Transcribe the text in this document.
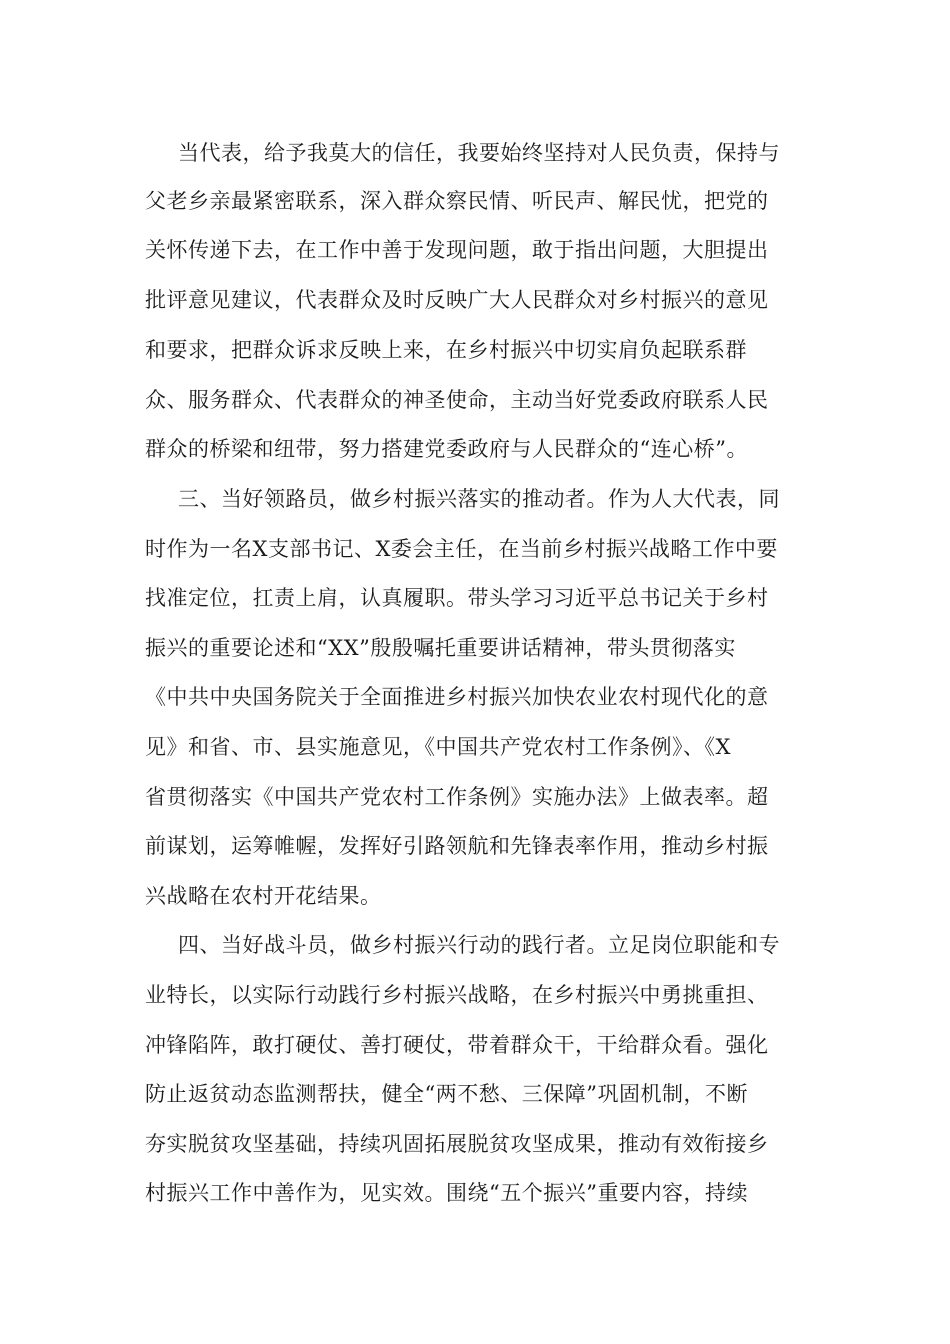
当代表，给予我莫大的信任，我要始终坚持对人民负责，保持与
父老乡亲最紧密联系，深入群众察民情、听民声、解民忧，把党的
关怀传递下去，在工作中善于发现问题，敢于指出问题，大胆提出
批评意见建议，代表群众及时反映广大人民群众对乡村振兴的意见
和要求，把群众诉求反映上来，在乡村振兴中切实肩负起联系群
众、服务群众、代表群众的神圣使命，主动当好党委政府联系人民
群众的桥梁和纽带，努力搭建党委政府与人民群众的“连心桥”。
三、当好领路员，做乡村振兴落实的推动者。作为人大代表，同
时作为一名X支部书记、X委会主任，在当前乡村振兴战略工作中要
找准定位，扛责上肩，认真履职。带头学习习近平总书记关于乡村
振兴的重要论述和“XX”殷殷嘱托重要讲话精神，带头贯彻落实
《中共中央国务院关于全面推进乡村振兴加快农业农村现代化的意
见》和省、市、县实施意见，《中国共产党农村工作条例》、《X
省贯彻落实《中国共产党农村工作条例》实施办法》上做表率。超
前谋划，运筹帷幄，发挥好引路领航和先锋表率作用，推动乡村振
兴战略在农村开花结果。
四、当好战斗员，做乡村振兴行动的践行者。立足岗位职能和专
业特长，以实际行动践行乡村振兴战略，在乡村振兴中勇挑重担、
冲锋陷阵，敢打硬仗、善打硬仗，带着群众干，干给群众看。强化
防止返贫动态监测帮扶，健全“两不愁、三保障”巩固机制，不断
夯实脱贫攻坚基础，持续巩固拓展脱贫攻坚成果，推动有效衔接乡
村振兴工作中善作为，见实效。围绕“五个振兴”重要内容，持续
